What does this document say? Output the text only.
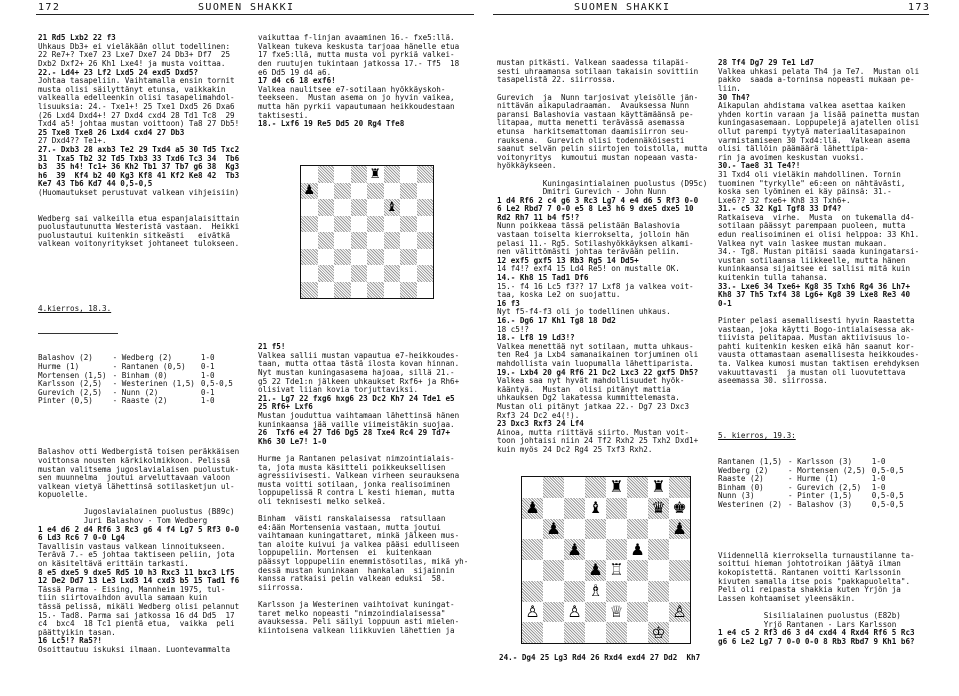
172	SUOMEN SHAKKI	SUOMEN SHAKKI	173

21 Rd5 Lxb2 22 f3
Uhkaus Db3+ ei vieläkään ollut todellinen:
22 Re7+? Txe7 23 Lxe7 Dxe7 24 Db3+ Df7  25
Dxb2 Dxf2+ 26 Kh1 Lxe4! ja musta voittaa.
22.- Ld4+ 23 Lf2 Lxd5 24 exd5 Dxd5?
Johtaa tasapeliin. Vaihtamalla ensin tornit
musta olisi säilyttänyt etunsa, vaikkakin
valkealla edelleenkin olisi tasapelimahdol-
lisuuksia: 24.- Txe1+! 25 Txe1 Dxd5 26 Dxa6
(26 Lxd4 Dxd4+! 27 Dxd4 cxd4 28 Td1 Tc8  29
Txd4 a5! johtaa mustan voittoon) Ta8 27 Db5!
25 Txe8 Txe8 26 Lxd4 cxd4 27 Db3
27 Dxd4?? Te1+.
27.- Dxb3 28 axb3 Te2 29 Txd4 a5 30 Td5 Txc2
31  Txa5 Tb2 32 Td5 Txb3 33 Txd6 Tc3 34  Tb6
b3  35 h4! Tc1+ 36 Kh2 Tb1 37 Tb7 g6 38  Kg3
h6  39  Kf4 b2 40 Kg3 Kf8 41 Kf2 Ke8 42  Tb3
Ke7 43 Tb6 Kd7 44 0,5-0,5
(Huomautukset perustuvat valkean vihjeisiin)

Wedberg sai valkeilla etua espanjalaisittain
puolustautunutta Westeristä vastaan.  Heikki
puolustautui kuitenkin sitkeästi   eivätkä
valkean voitonyritykset johtaneet tulokseen.

4.kierros, 18.3.

Balashov (2)	- Wedberg (2)	1-0
Hurme (1)	- Rantanen (0,5)	0-1
Mortensen (1,5)	- Binham (0)	1-0
Karlsson (2,5)	- Westerinen (1,5)	0,5-0,5
Gurevich (2,5)	- Nunn (2)	0-1
Pinter (0,5)	- Raaste (2)	1-0

Balashov otti Wedbergistä toisen peräkkäisen
voittonsa nousten kärkikolmikkoon. Pelissä
mustan valitsema jugoslavialaisen puolustuk-
sen muunnelma  joutui arveluttavaan valoon
valkean vietyä lähettinsä sotilasketjun ul-
kopuolelle.

Jugoslavialainen puolustus (B89c)
Juri Balashov - Tom Wedberg
1 e4 d6 2 d4 Rf6 3 Rc3 g6 4 f4 Lg7 5 Rf3 0-0
6 Ld3 Rc6 7 0-0 Lg4
Tavallisin vastaus valkean linnoitukseen.
Terävä 7.- e5 johtaa taktiseen peliin, jota
on käsiteltävä erittäin tarkasti.
8 e5 dxe5 9 dxe5 Rd5 10 h3 Rxc3 11 bxc3 Lf5
12 De2 Dd7 13 Le3 Lxd3 14 cxd3 b5 15 Tad1 f6
Tässä Parma - Eising, Mannheim 1975, tul-
tiin siirtovaihdon avulla samaan kuin
tässä pelissä, mikäli Wedberg olisi pelannut
15.- Tad8. Parma sai jatkossa 16 d4 Dd5  17
c4  bxc4  18 Tc1 pientä etua,  vaikka  peli
päättyikin tasan.
16 Lc5!? Ra5?!
Osoittautuu iskuksi ilmaan. Luontevammalta

vaikuttaa f-linjan avaaminen 16.- fxe5:llä.
Valkean tukeva keskusta tarjoaa hänelle etua
17 fxe5:llä, mutta musta voi pyrkiä valkei-
den ruutujen tukintaan jatkossa 17.- Tf5  18
e6 Dd5 19 d4 a6.
17 d4 c6 18 exf6!
Valkea naulitsee e7-sotilaan hyökkäyskoh-
teekseen.  Mustan asema on jo hyvin vaikea,
mutta hän pyrkii vapautumaan heikkoudestaan
taktisesti.
18.- Lxf6 19 Re5 Dd5 20 Rg4 Tfe8

♜
♟
♝

21 f5!
Valkea sallii mustan vapautua e7-heikkoudes-
taan, mutta ottaa tästä ilosta kovan hinnan.
Nyt mustan kuningasasema hajoaa, sillä 21.-
g5 22 Tde1:n jälkeen uhkaukset Rxf6+ ja Rh6+
olisivat liian kovia torjuttaviksi.
21.- Lg7 22 fxg6 hxg6 23 Dc2 Kh7 24 Tde1 e5
25 Rf6+ Lxf6
Mustan jouduttua vaihtamaan lähettinsä hänen
kuninkaansa jää vaille viimeistäkin suojaa.
26  Txf6 e4 27 Td6 Dg5 28 Txe4 Rc4 29 Td7+
Kh6 30 Le7! 1-0

Hurme ja Rantanen pelasivat nimzointialais-
ta, jota musta käsitteli poikkeuksellisen
agressiivisesti. Valkean virheen seurauksena
musta voitti sotilaan, jonka realisoiminen
loppupelissä R contra L kesti hieman, mutta
oli teknisesti melko selkeä.

Binham  väisti ranskalaisessa  ratsullaan
e4:ään Mortensenia vastaan, mutta joutui
vaihtamaan kuningattaret, minkä jälkeen mus-
tan aloite kuivui ja valkea pääsi edulliseen
loppupeliin. Mortensen  ei  kuitenkaan
päässyt loppupeliin enemmistösotilas, mikä yh-
dessä mustan kuninkaan  hankalan  sijainnin
kanssa ratkaisi pelin valkean eduksi  58.
siirrossa.

Karlsson ja Westerinen vaihtoivat kuningat-
taret melko nopeasti "nimzoindialaisessa"
avauksessa. Peli säilyi loppuun asti mielen-
kiintoisena valkean liikkuvien lähettien ja

mustan pitkästi. Valkean saadessa tilapäi-
sesti uhraamansa sotilaan takaisin sovittiin
tasapelistä 22. siirrossa.

Gurevich  ja  Nunn tarjosivat yleisölle jän-
nittävän aikapuladraaman.  Avauksessa Nunn
paransi Balashovia vastaan käyttämäänsä pe-
litapaa, mutta menetti terävässä asemassa
etunsa  harkitsemattoman daamisiirron seu-
rauksena.  Gurevich olisi todennäköisesti
saanut selvän pelin siirtojen toistolla, mutta
voitonyritys  kumoutui mustan nopeaan vasta-
hyökkäykseen.

Kuningasintialainen puolustus (D95c)
Dmitri Gurevich - John Nunn
1 d4 Rf6 2 c4 g6 3 Rc3 Lg7 4 e4 d6 5 Rf3 0-0
6 Le2 Rbd7 7 0-0 e5 8 Le3 h6 9 dxe5 dxe5 10
Rd2 Rh7 11 b4 f5!?
Nunn poikkeaa tässä pelistään Balashovia
vastaan toiselta kierrokselta, jolloin hän
pelasi 11.- Rg5. Sotilashyökkäyksen alkami-
nen välittömästi johtaa terävään peliin.
12 exf5 gxf5 13 Rb3 Rg5 14 Dd5+
14 f4!? exf4 15 Ld4 Re5! on mustalle OK.
14.- Kh8 15 Tad1 Df6
15.- f4 16 Lc5 f3?? 17 Lxf8 ja valkea voit-
taa, koska Le2 on suojattu.
16 f3
Nyt f5-f4-f3 oli jo todellinen uhkaus.
16.- Dg6 17 Kh1 Tg8 18 Dd2
18 c5!?
18.- Lf8 19 Ld3!?
Valkea menettää nyt sotilaan, mutta uhkaus-
ten Re4 ja Lxb4 samanaikainen torjuminen oli
mahdollista vain luopumalla lähettiparista.
19.- Lxb4 20 g4 Rf6 21 Dc2 Lxc3 22 gxf5 Dh5?
Valkea saa nyt hyvät mahdollisuudet hyök-
kääntyä.  Mustan  olisi pitänyt mattia
uhkauksen Dg2 lakatessa kummittelemasta.
Mustan oli pitänyt jatkaa 22.- Dg7 23 Dxc3
Rxf3 24 Dc2 e4(!).
23 Dxc3 Rxf3 24 Lf4
Ainoa, mutta riittävä siirto. Mustan voit-
toon johtaisi niin 24 Tf2 Rxh2 25 Txh2 Dxd1+
kuin myös 24 Dc2 Rg4 25 Txf3 Rxh2.

♜ ♜
♟	♝	♛ ♚
♟	♟
♟	♟
♟ ♖
♗
♙ ♙ ♕	♙
♔
24.- Dg4 25 Lg3 Rd4 26 Rxd4 exd4 27 Dd2  Kh7

28 Tf4 Dg7 29 Te1 Ld7
Valkea uhkasi pelata Th4 ja Te7.  Mustan oli
pakko  saada a-torninsa nopeasti mukaan pe-
liin.
30 Th4?
Aikapulan ahdistama valkea asettaa kaiken
yhden kortin varaan ja lisää painetta mustan
kuningasasemaan. Loppupelejä ajatellen olisi
ollut parempi tyytyä materiaalitasapainon
varmistamiseen 30 Txd4:llä.  Valkean asema
olisi tällöin päämäärä lähettipa-
rin ja avoimen keskustan vuoksi.
30.- Tae8 31 Te4?!
31 Txd4 oli vieläkin mahdollinen. Tornin
tuominen "tyrkylle" e6:een on nähtävästi,
koska sen lyöminen ei käy päinsä: 31.-
Lxe6?? 32 fxe6+ Kh8 33 Txh6+.
31.- c5 32 Kg1 Tgf8 33 Df4?
Ratkaiseva  virhe.  Musta  on tukemalla d4-
sotilaan päässyt parempaan puoleen, mutta
edun realisoiminen ei olisi helppoa: 33 Kh1.
Valkea nyt vain laskee mustan mukaan.
34.- Tg8. Mustan pitäisi saada kuningatarsi-
vustan sotilaansa liikkeelle, mutta hänen
kuninkaansa sijaitsee ei sallisi mitä kuin
kuitenkin tulla tahansa.
33.- Lxe6 34 Txe6+ Kg8 35 Txh6 Rg4 36 Lh7+
Kh8 37 Th5 Txf4 38 Lg6+ Kg8 39 Lxe8 Re3 40
0-1

Pinter pelasi asemallisesti hyvin Raastetta
vastaan, joka käytti Bogo-intialaisessa ak-
tiivista pelitapaa. Mustan aktiivisuus lo-
pahti kuitenkin kesken eikä hän saanut kor-
vausta ottamastaan asemallisesta heikkoudes-
ta. Valkea kumosi mustan taktisen erehdyksen
vakuuttavasti  ja mustan oli luovutettava
aseemassa 30. siirrossa.

5. kierros, 19.3:

Rantanen (1,5)	- Karlsson (3)	1-0
Wedberg (2)	- Mortensen (2,5)	0,5-0,5
Raaste (2)	- Hurme (1)	1-0
Binham (0)	- Gurevich (2,5)	1-0
Nunn (3)	- Pinter (1,5)	0,5-0,5
Westerinen (2)	- Balashov (3)	0,5-0,5

Viidennellä kierroksella turnaustilanne ta-
soittui hieman johtotroikan jäätyä ilman
kokopistettä. Rantanen voitti Karlssonin
kivuten samalla itse pois "pakkapuolelta".
Peli oli reipasta shakkia kuten Yrjön ja
Lassen kohtaamiset yleensäkin.

Sisilialainen puolustus (E82b)
Yrjö Rantanen - Lars Karlsson
1 e4 c5 2 Rf3 d6 3 d4 cxd4 4 Rxd4 Rf6 5 Rc3
g6 6 Le2 Lg7 7 0-0 0-0 8 Rb3 Rbd7 9 Kh1 b6?
